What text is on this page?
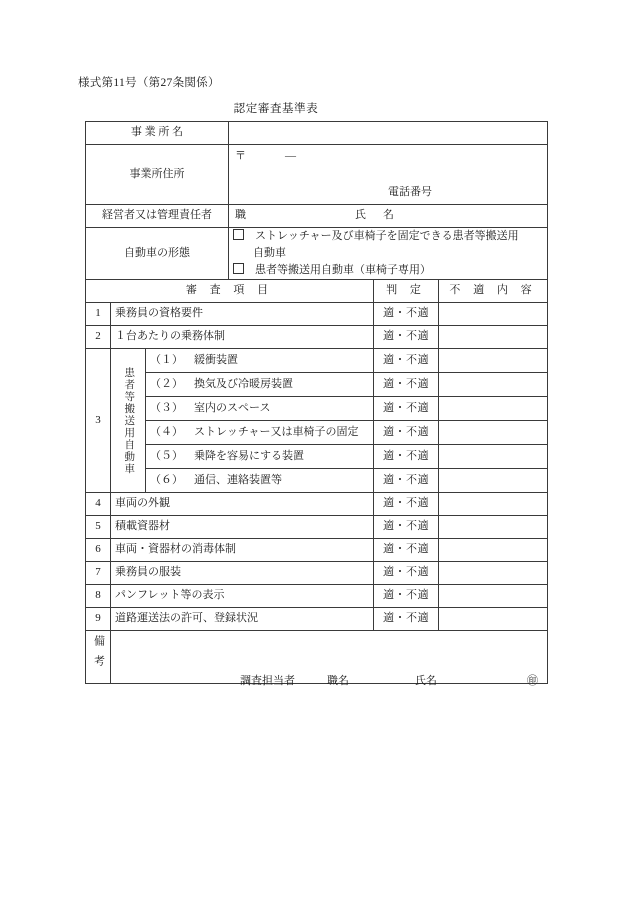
様式第11号（第27条関係）
認定審査基準表
事 業 所 名					
事業所住所			〒 —
電話番号		

経営者又は管理責任者			職 氏　名		

自動車の形態			ストレッチャー及び車椅子を固定できる患者等搬送用
自動車
患者等搬送用自動車（車椅子専用）		

審 査 項 目				判 定	不 適 内 容
1	乗務員の資格要件			適・不適	
2	１台あたりの乗務体制			適・不適	
3	患者等搬送用自動車	（１） 緩衝装置		適・不適	
		（２） 換気及び冷暖房装置		適・不適	
		（３） 室内のスペース		適・不適	
		（４） ストレッチャー又は車椅子の固定		適・不適	
		（５） 乗降を容易にする装置		適・不適	
		（６） 通信、連絡装置等		適・不適	
4	車両の外観			適・不適	
5	積載資器材			適・不適	
6	車両・資器材の消毒体制			適・不適	
7	乗務員の服装			適・不適	
8	パンフレット等の表示			適・不適	
9	道路運送法の許可、登録状況			適・不適	
備考					
調査担当者	職名	氏名	㊞
